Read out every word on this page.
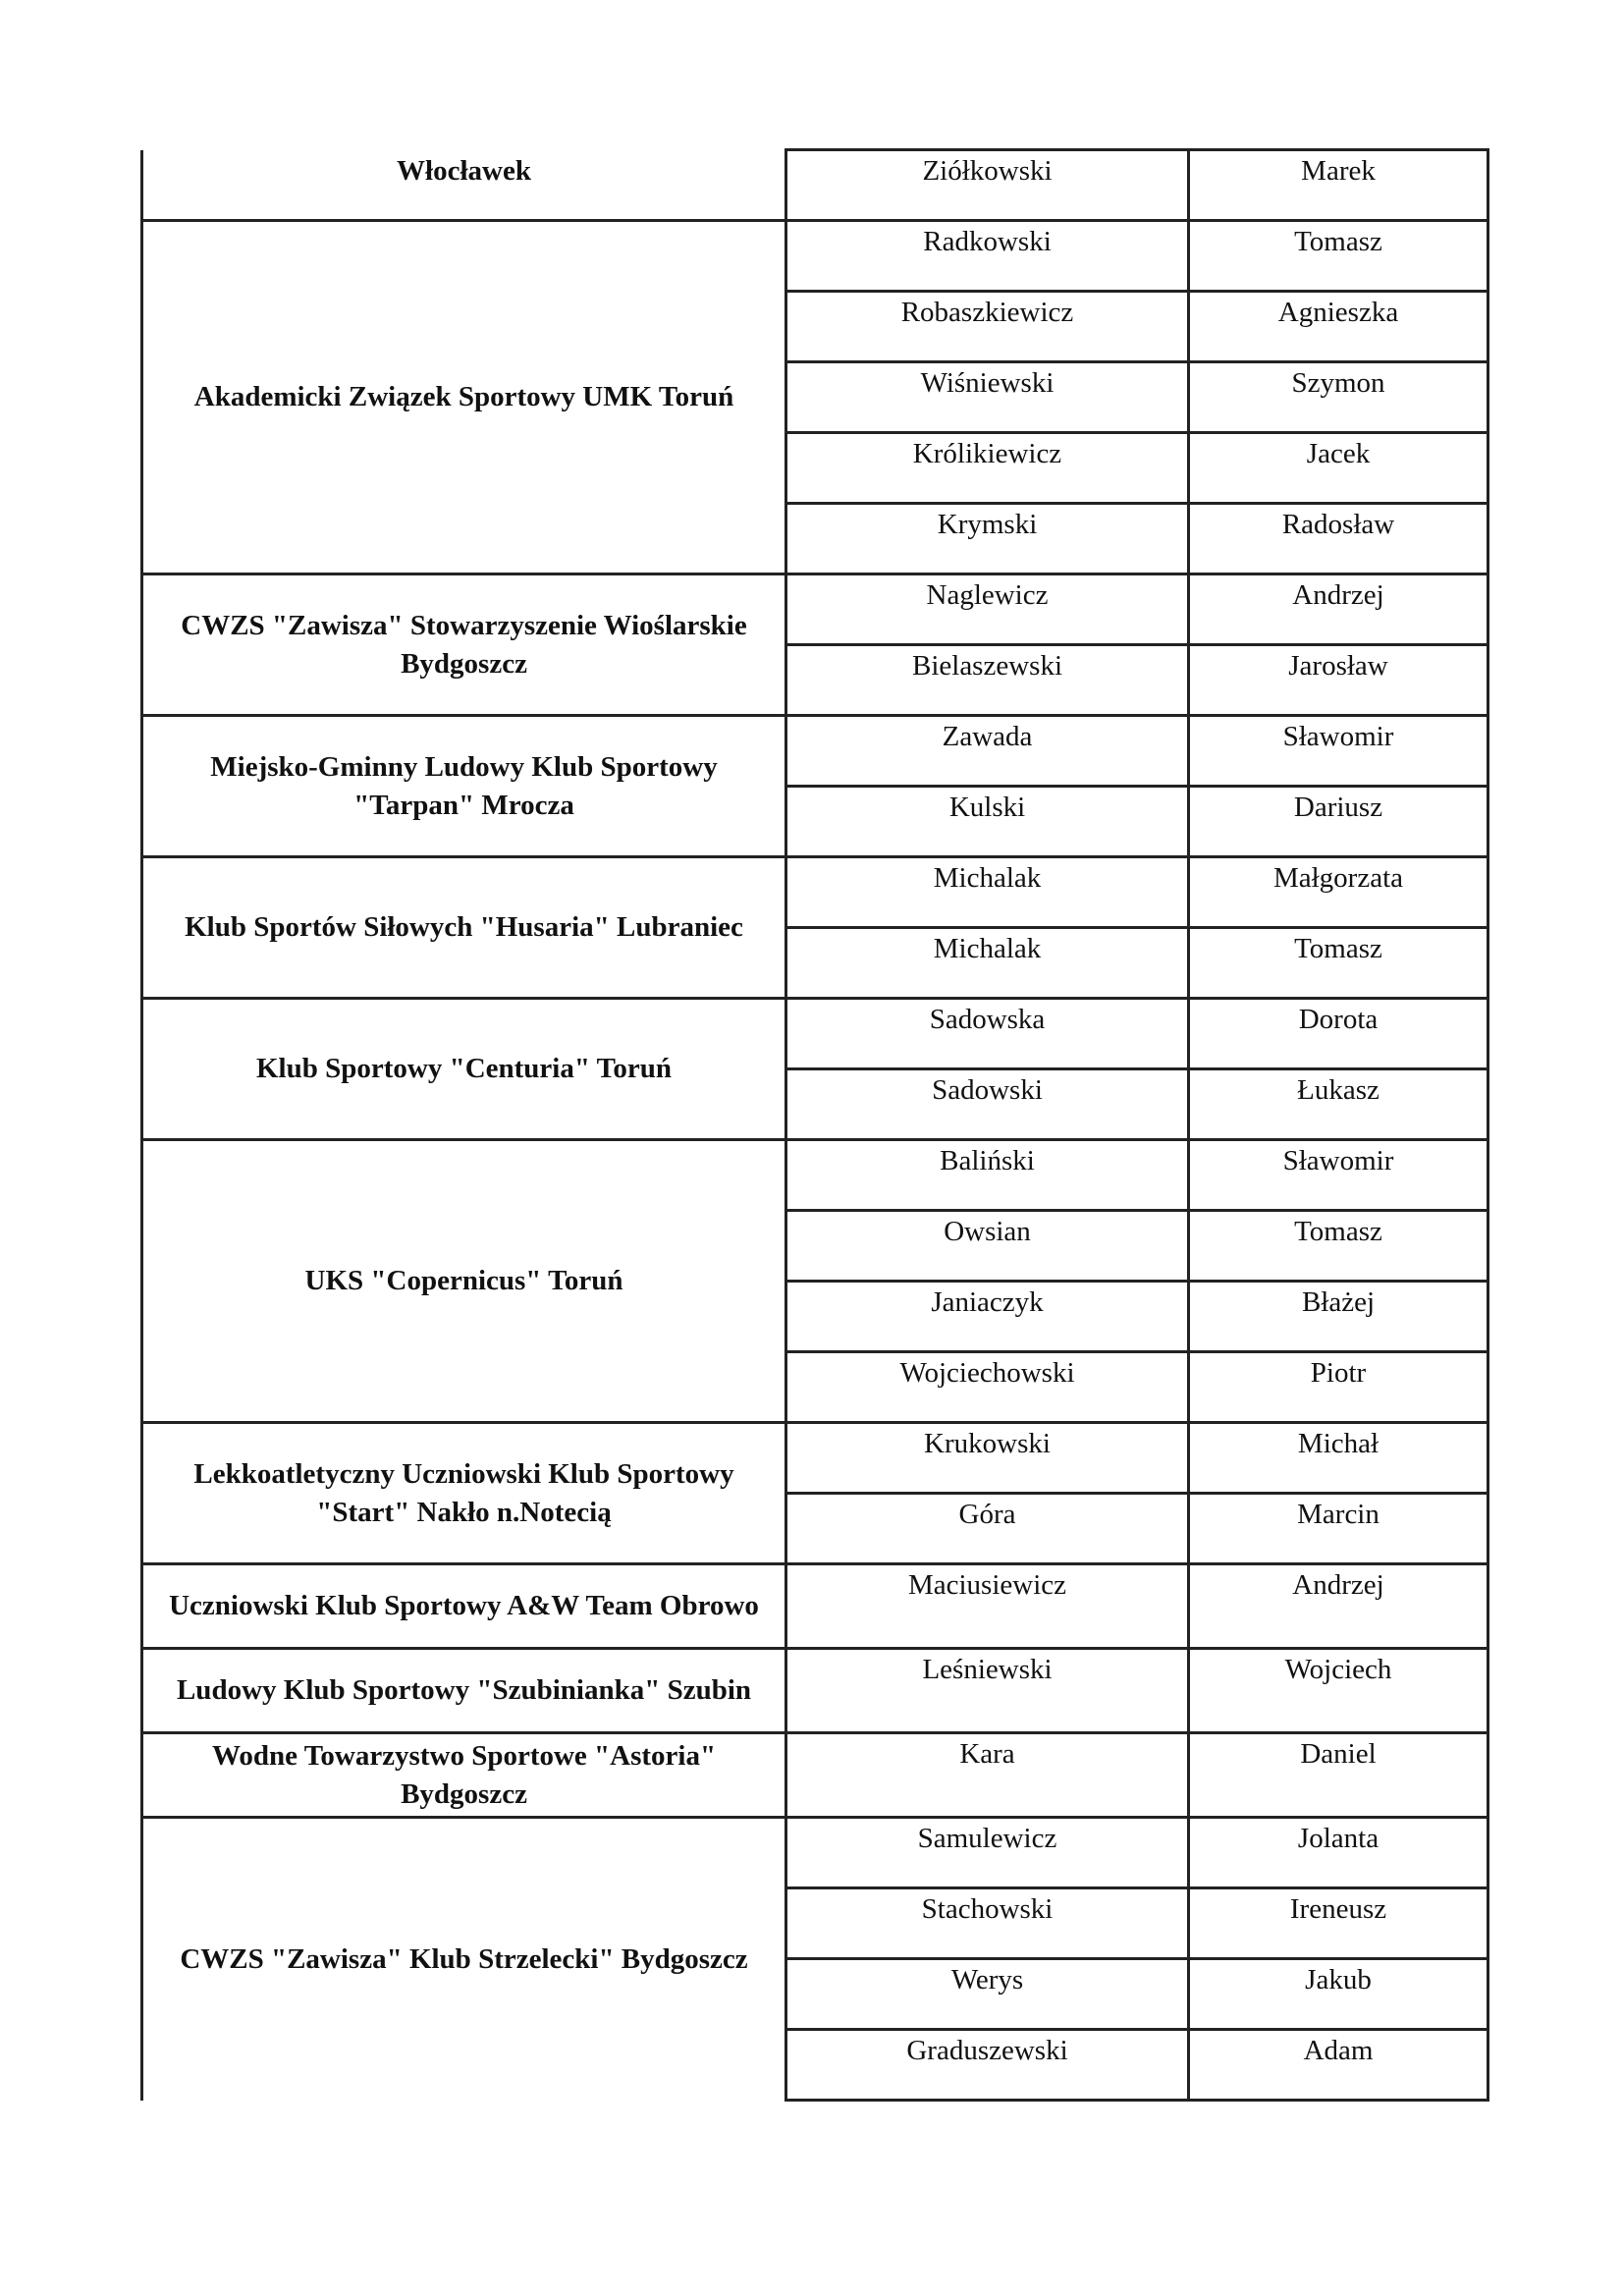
Włocławek	Ziółkowski	Marek
Akademicki Związek Sportowy UMK Toruń	Radkowski	Tomasz
	Robaszkiewicz	Agnieszka
	Wiśniewski	Szymon
	Królikiewicz	Jacek
	Krymski	Radosław
CWZS "Zawisza" Stowarzyszenie Wioślarskie Bydgoszcz	Naglewicz	Andrzej
	Bielaszewski	Jarosław
Miejsko-Gminny Ludowy Klub Sportowy "Tarpan" Mrocza	Zawada	Sławomir
	Kulski	Dariusz
Klub Sportów Siłowych "Husaria" Lubraniec	Michalak	Małgorzata
	Michalak	Tomasz
Klub Sportowy "Centuria" Toruń	Sadowska	Dorota
	Sadowski	Łukasz
UKS "Copernicus" Toruń	Baliński	Sławomir
	Owsian	Tomasz
	Janiaczyk	Błażej
	Wojciechowski	Piotr
Lekkoatletyczny Uczniowski Klub Sportowy "Start" Nakło n.Notecią	Krukowski	Michał
	Góra	Marcin
Uczniowski Klub Sportowy A&W Team Obrowo	Maciusiewicz	Andrzej
Ludowy Klub Sportowy "Szubinianka" Szubin	Leśniewski	Wojciech
Wodne Towarzystwo Sportowe "Astoria" Bydgoszcz	Kara	Daniel
CWZS "Zawisza" Klub Strzelecki" Bydgoszcz	Samulewicz	Jolanta
	Stachowski	Ireneusz
	Werys	Jakub
	Graduszewski	Adam
